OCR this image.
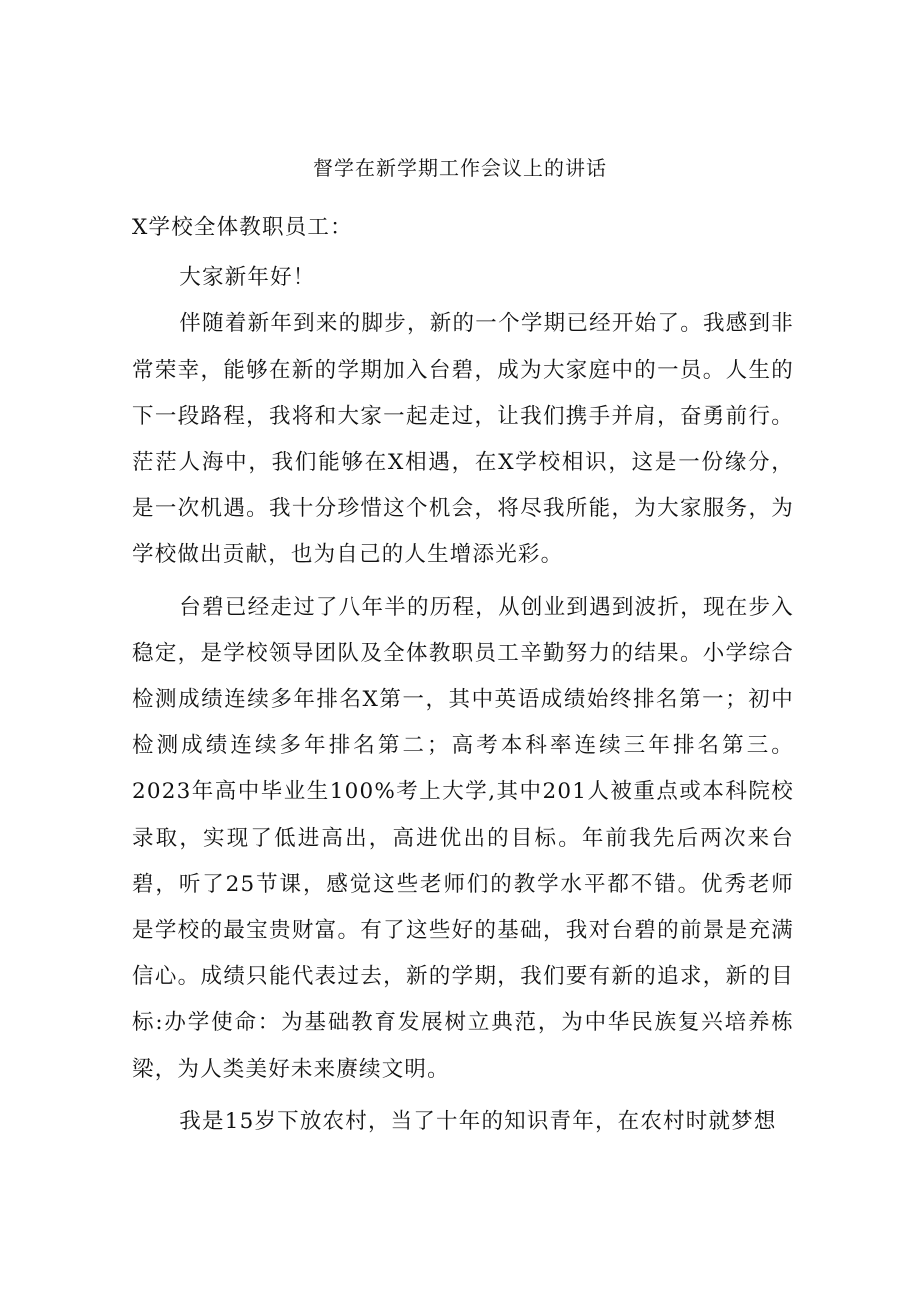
督学在新学期工作会议上的讲话

X学校全体教职员工：

大家新年好！

伴随着新年到来的脚步，新的一个学期已经开始了。我感到非常荣幸，能够在新的学期加入台碧，成为大家庭中的一员。人生的下一段路程，我将和大家一起走过，让我们携手并肩，奋勇前行。茫茫人海中，我们能够在X相遇，在X学校相识，这是一份缘分，是一次机遇。我十分珍惜这个机会，将尽我所能，为大家服务，为学校做出贡献，也为自己的人生增添光彩。

台碧已经走过了八年半的历程，从创业到遇到波折，现在步入稳定，是学校领导团队及全体教职员工辛勤努力的结果。小学综合检测成绩连续多年排名X第一，其中英语成绩始终排名第一；初中检测成绩连续多年排名第二；高考本科率连续三年排名第三。2023年高中毕业生100%考上大学,其中201人被重点或本科院校录取，实现了低进高出，高进优出的目标。年前我先后两次来台碧，听了25节课，感觉这些老师们的教学水平都不错。优秀老师是学校的最宝贵财富。有了这些好的基础，我对台碧的前景是充满信心。成绩只能代表过去，新的学期，我们要有新的追求，新的目标:办学使命：为基础教育发展树立典范，为中华民族复兴培养栋梁，为人类美好未来赓续文明。

我是15岁下放农村，当了十年的知识青年，在农村时就梦想
